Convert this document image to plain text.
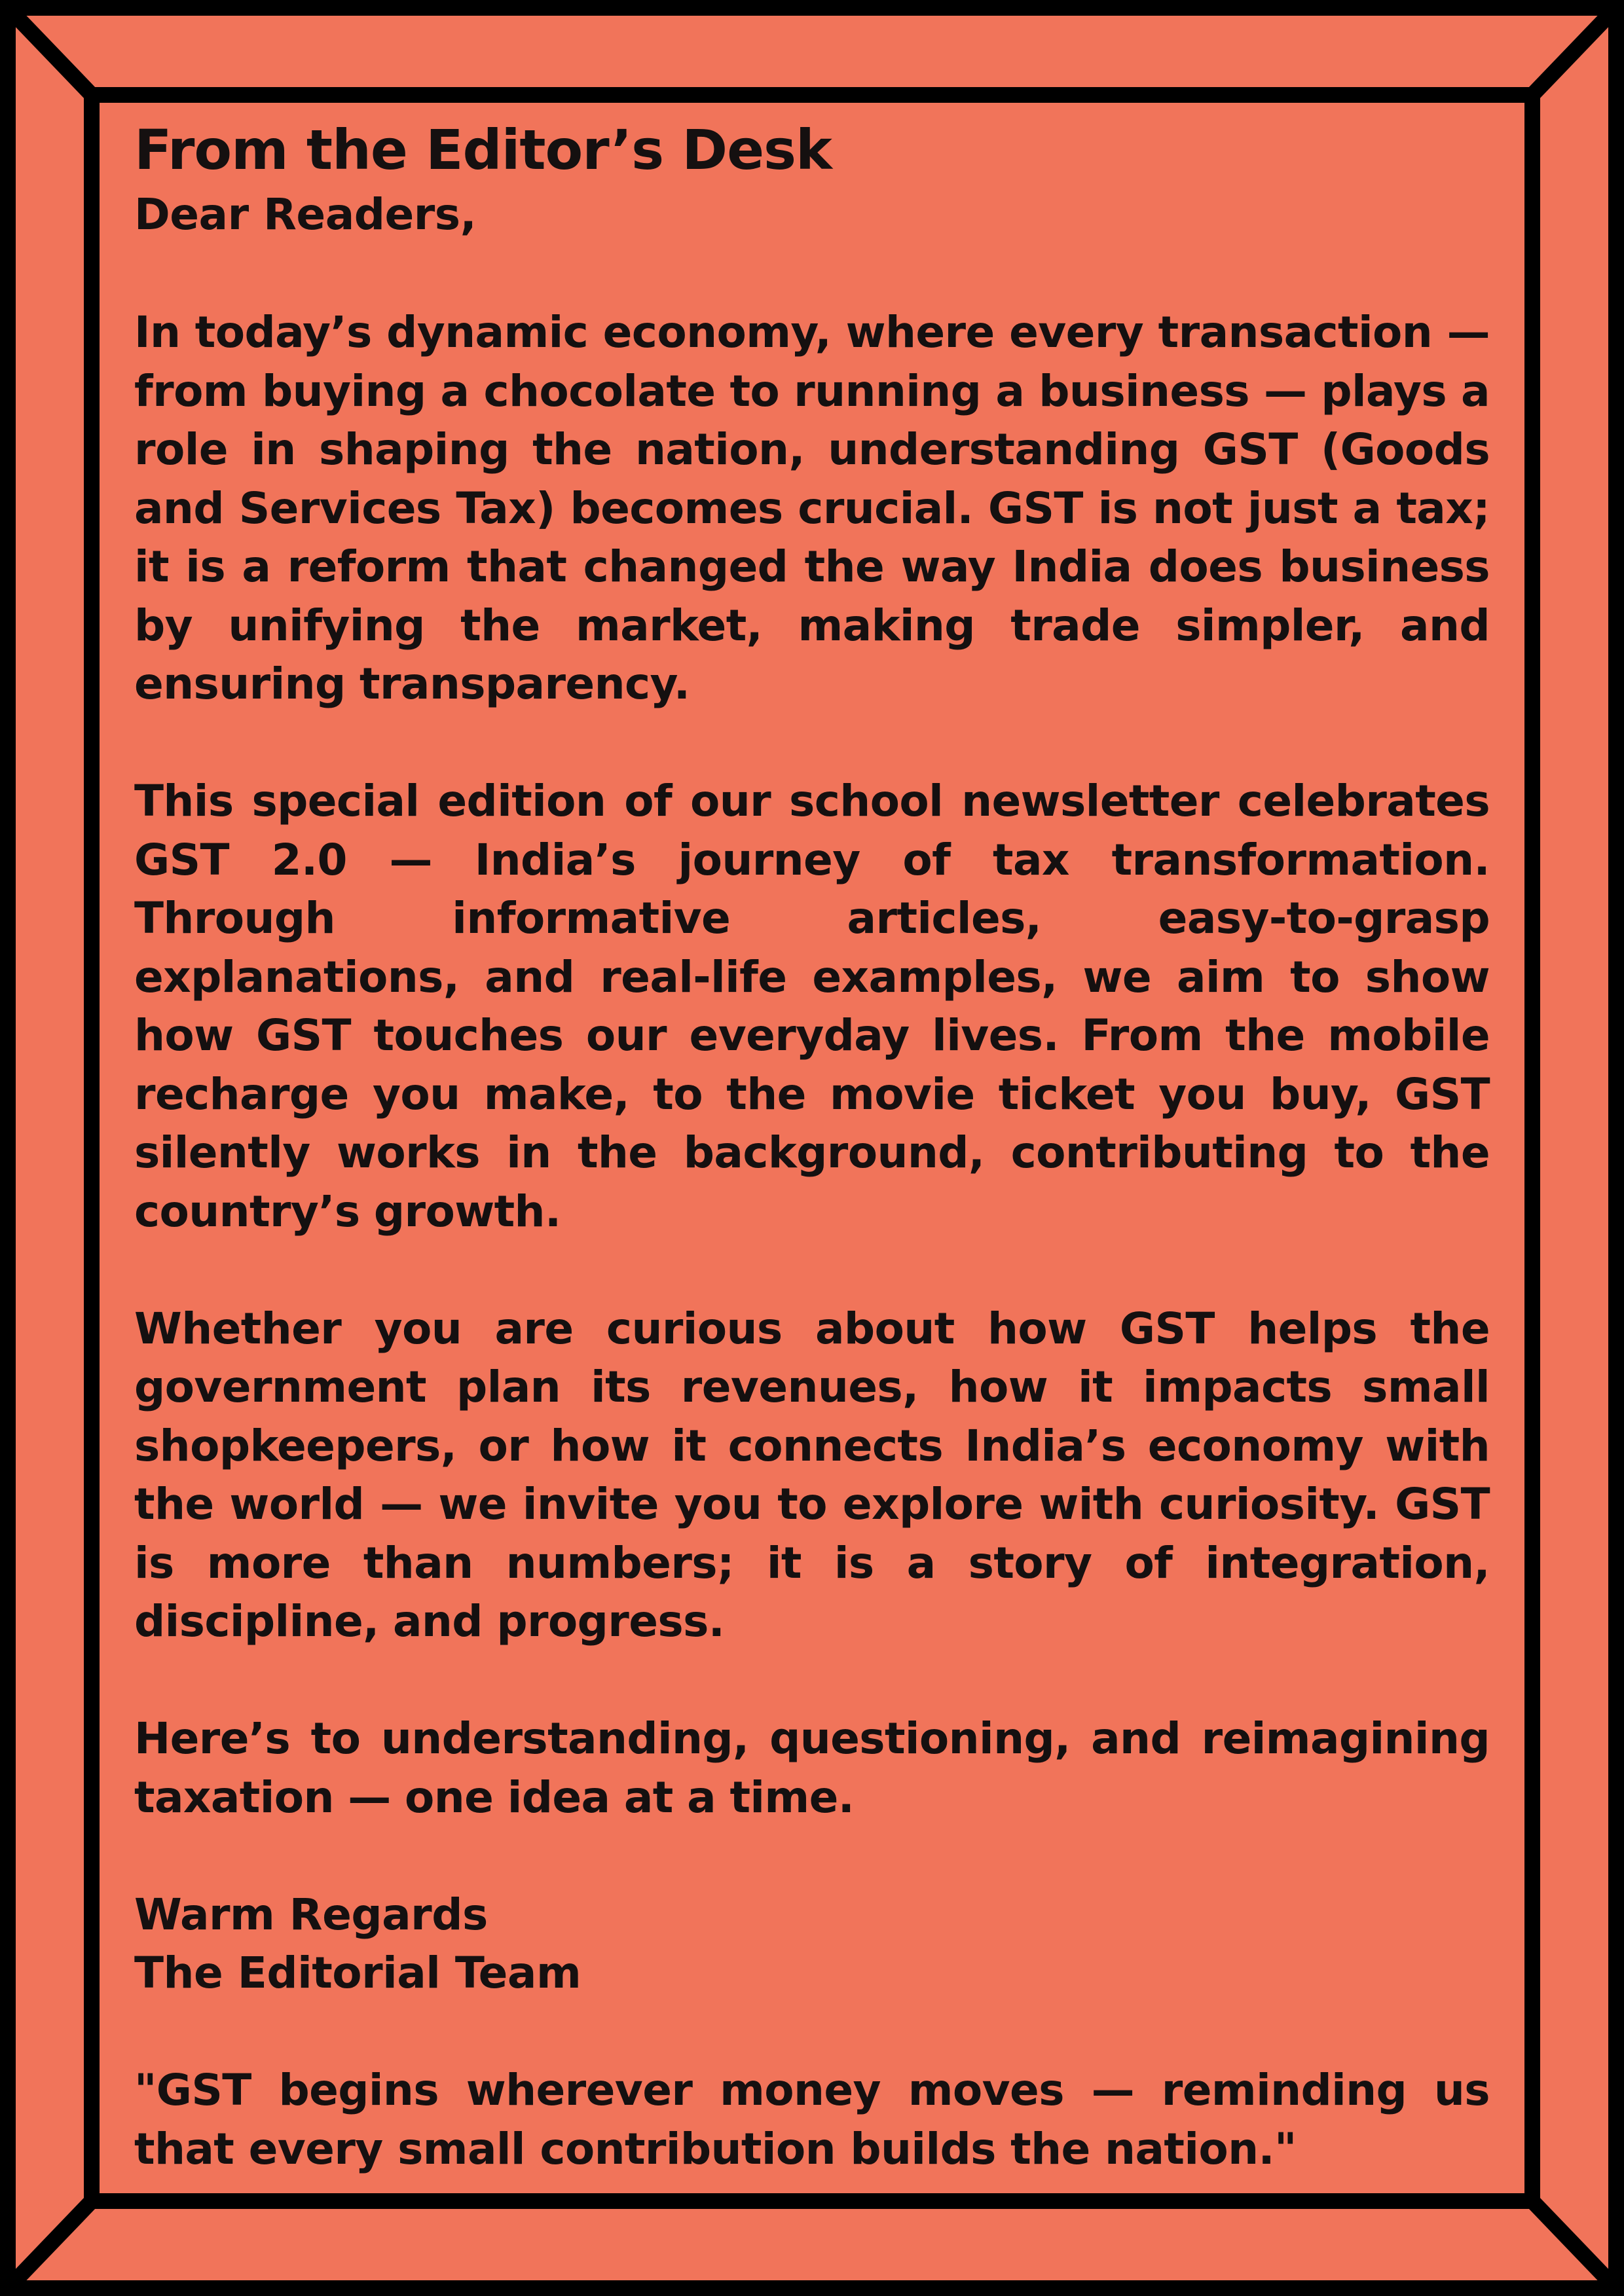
From the Editor’s Desk

Dear Readers,

In today’s dynamic economy, where every transaction — from buying a chocolate to running a business — plays a role in shaping the nation, understanding GST (Goods and Services Tax) becomes crucial. GST is not just a tax; it is a reform that changed the way India does business by unifying the market, making trade simpler, and ensuring transparency.

This special edition of our school newsletter celebrates GST 2.0 — India’s journey of tax transformation. Through informative articles, easy-to-grasp explanations, and real-life examples, we aim to show how GST touches our everyday lives. From the mobile recharge you make, to the movie ticket you buy, GST silently works in the background, contributing to the country’s growth.

Whether you are curious about how GST helps the government plan its revenues, how it impacts small shopkeepers, or how it connects India’s economy with the world — we invite you to explore with curiosity. GST is more than numbers; it is a story of integration, discipline, and progress.

Here’s to understanding, questioning, and reimagining taxation — one idea at a time.

Warm Regards
The Editorial Team

"GST begins wherever money moves — reminding us that every small contribution builds the nation."
